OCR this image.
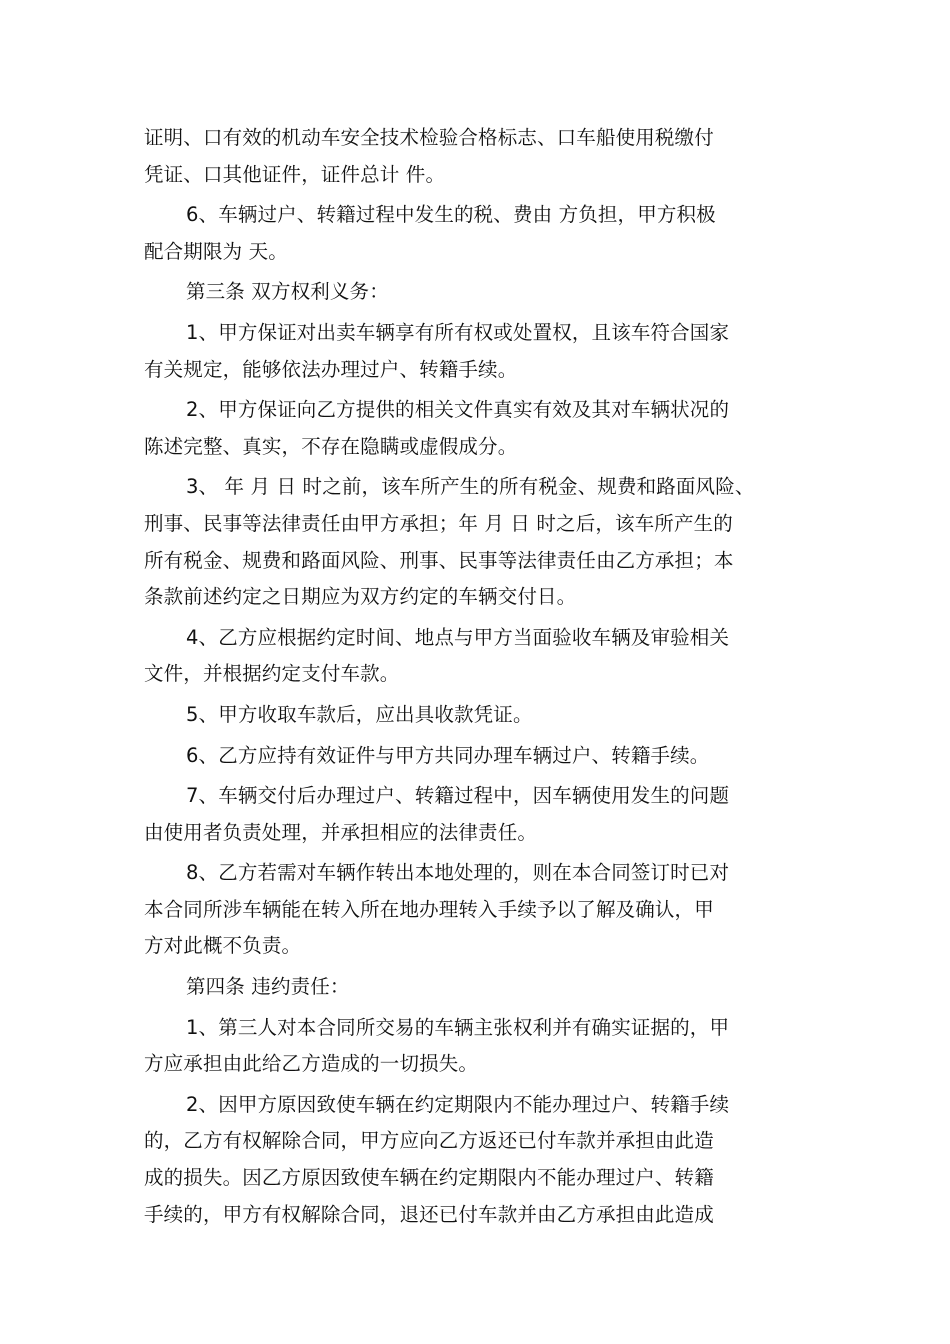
证明、口有效的机动车安全技术检验合格标志、口车船使用税缴付
凭证、口其他证件，证件总计 件。
6、车辆过户、转籍过程中发生的税、费由 方负担，甲方积极
配合期限为 天。
第三条 双方权利义务：
1、甲方保证对出卖车辆享有所有权或处置权，且该车符合国家
有关规定，能够依法办理过户、转籍手续。
2、甲方保证向乙方提供的相关文件真实有效及其对车辆状况的
陈述完整、真实，不存在隐瞒或虚假成分。
3、 年 月 日 时之前，该车所产生的所有税金、规费和路面风险、
刑事、民事等法律责任由甲方承担；年 月 日 时之后，该车所产生的
所有税金、规费和路面风险、刑事、民事等法律责任由乙方承担；本
条款前述约定之日期应为双方约定的车辆交付日。
4、乙方应根据约定时间、地点与甲方当面验收车辆及审验相关
文件，并根据约定支付车款。
5、甲方收取车款后，应出具收款凭证。
6、乙方应持有效证件与甲方共同办理车辆过户、转籍手续。
7、车辆交付后办理过户、转籍过程中，因车辆使用发生的问题
由使用者负责处理，并承担相应的法律责任。
8、乙方若需对车辆作转出本地处理的，则在本合同签订时已对
本合同所涉车辆能在转入所在地办理转入手续予以了解及确认，甲
方对此概不负责。
第四条 违约责任：
1、第三人对本合同所交易的车辆主张权利并有确实证据的，甲
方应承担由此给乙方造成的一切损失。
2、因甲方原因致使车辆在约定期限内不能办理过户、转籍手续
的，乙方有权解除合同，甲方应向乙方返还已付车款并承担由此造
成的损失。因乙方原因致使车辆在约定期限内不能办理过户、转籍
手续的，甲方有权解除合同，退还已付车款并由乙方承担由此造成
